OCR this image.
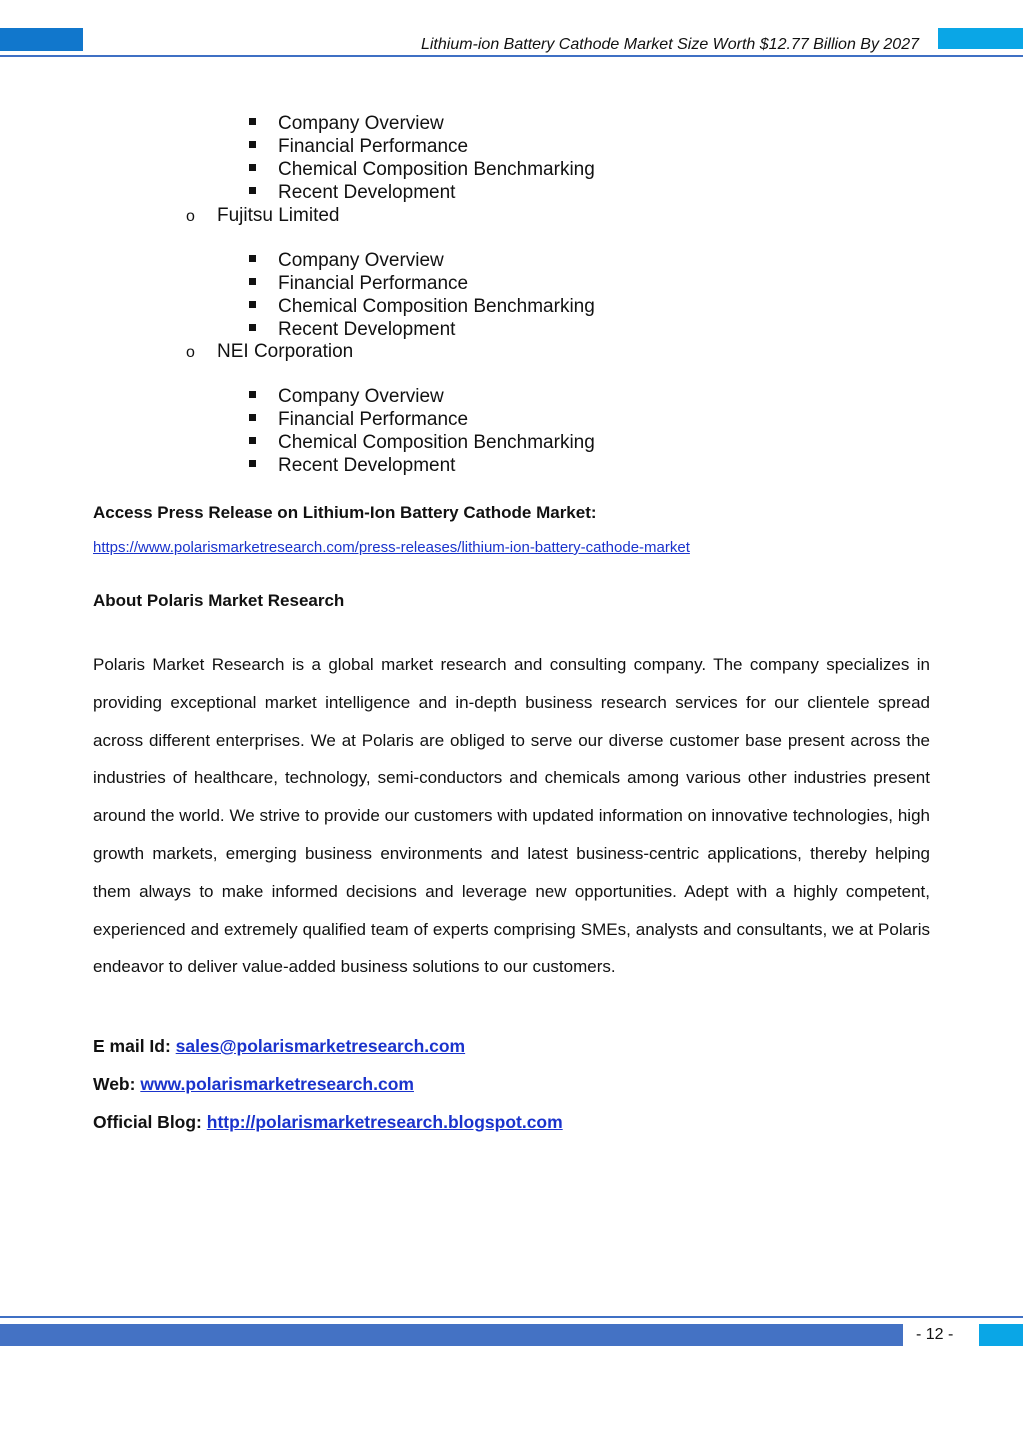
Lithium-ion Battery Cathode Market Size Worth $12.77 Billion By 2027
Company Overview
Financial Performance
Chemical Composition Benchmarking
Recent Development
o Fujitsu Limited
Company Overview
Financial Performance
Chemical Composition Benchmarking
Recent Development
o NEI Corporation
Company Overview
Financial Performance
Chemical Composition Benchmarking
Recent Development
Access Press Release on Lithium-Ion Battery Cathode Market:
https://www.polarismarketresearch.com/press-releases/lithium-ion-battery-cathode-market
About Polaris Market Research

Polaris Market Research is a global market research and consulting company. The company specializes in providing exceptional market intelligence and in-depth business research services for our clientele spread across different enterprises. We at Polaris are obliged to serve our diverse customer base present across the industries of healthcare, technology, semi-conductors and chemicals among various other industries present around the world. We strive to provide our customers with updated information on innovative technologies, high growth markets, emerging business environments and latest business-centric applications, thereby helping them always to make informed decisions and leverage new opportunities. Adept with a highly competent, experienced and extremely qualified team of experts comprising SMEs, analysts and consultants, we at Polaris endeavor to deliver value-added business solutions to our customers.

E mail Id: sales@polarismarketresearch.com
Web: www.polarismarketresearch.com
Official Blog: http://polarismarketresearch.blogspot.com
- 12 -
